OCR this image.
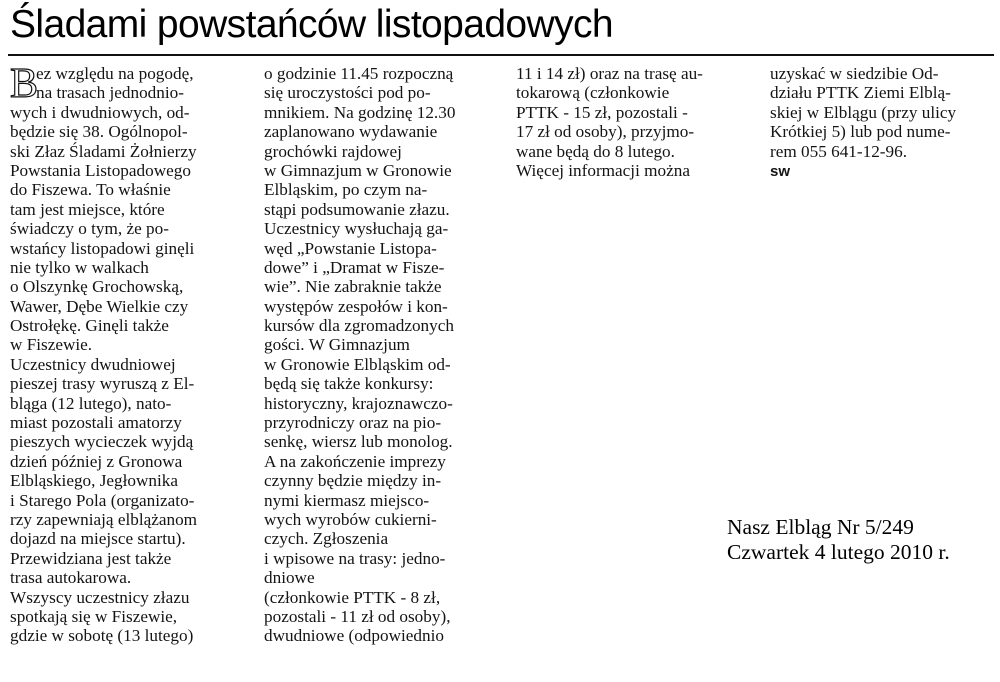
Śladami powstańców listopadowych
B
ez względu na pogodę,
na trasach jednodnio-
wych i dwudniowych, od-
będzie się 38. Ogólnopol-
ski Złaz Śladami Żołnierzy
Powstania Listopadowego
do Fiszewa. To właśnie
tam jest miejsce, które
świadczy o tym, że po-
wstańcy listopadowi ginęli
nie tylko w walkach
o Olszynkę Grochowską,
Wawer, Dębe Wielkie czy
Ostrołękę. Ginęli także
w Fiszewie.
Uczestnicy dwudniowej
pieszej trasy wyruszą z El-
bląga (12 lutego), nato-
miast pozostali amatorzy
pieszych wycieczek wyjdą
dzień później z Gronowa
Elbląskiego, Jegłownika
i Starego Pola (organizato-
rzy zapewniają elblążanom
dojazd na miejsce startu).
Przewidziana jest także
trasa autokarowa.
Wszyscy uczestnicy złazu
spotkają się w Fiszewie,
gdzie w sobotę (13 lutego)
o godzinie 11.45 rozpoczną
się uroczystości pod po-
mnikiem. Na godzinę 12.30
zaplanowano wydawanie
grochówki rajdowej
w Gimnazjum w Gronowie
Elbląskim, po czym na-
stąpi podsumowanie złazu.
Uczestnicy wysłuchają ga-
węd „Powstanie Listopa-
dowe” i „Dramat w Fisze-
wie”. Nie zabraknie także
występów zespołów i kon-
kursów dla zgromadzonych
gości. W Gimnazjum
w Gronowie Elbląskim od-
będą się także konkursy:
historyczny, krajoznawczo-
przyrodniczy oraz na pio-
senkę, wiersz lub monolog.
A na zakończenie imprezy
czynny będzie między in-
nymi kiermasz miejsco-
wych wyrobów cukierni-
czych. Zgłoszenia
i wpisowe na trasy: jedno-
dniowe
(członkowie PTTK - 8 zł,
pozostali - 11 zł od osoby),
dwudniowe (odpowiednio
11 i 14 zł) oraz na trasę au-
tokarową (członkowie
PTTK - 15 zł, pozostali -
17 zł od osoby), przyjmo-
wane będą do 8 lutego.
Więcej informacji można
uzyskać w siedzibie Od-
działu PTTK Ziemi Elblą-
skiej w Elblągu (przy ulicy
Krótkiej 5) lub pod nume-
rem 055 641-12-96.
sw

Nasz Elbląg Nr 5/249
Czwartek 4 lutego 2010 r.
